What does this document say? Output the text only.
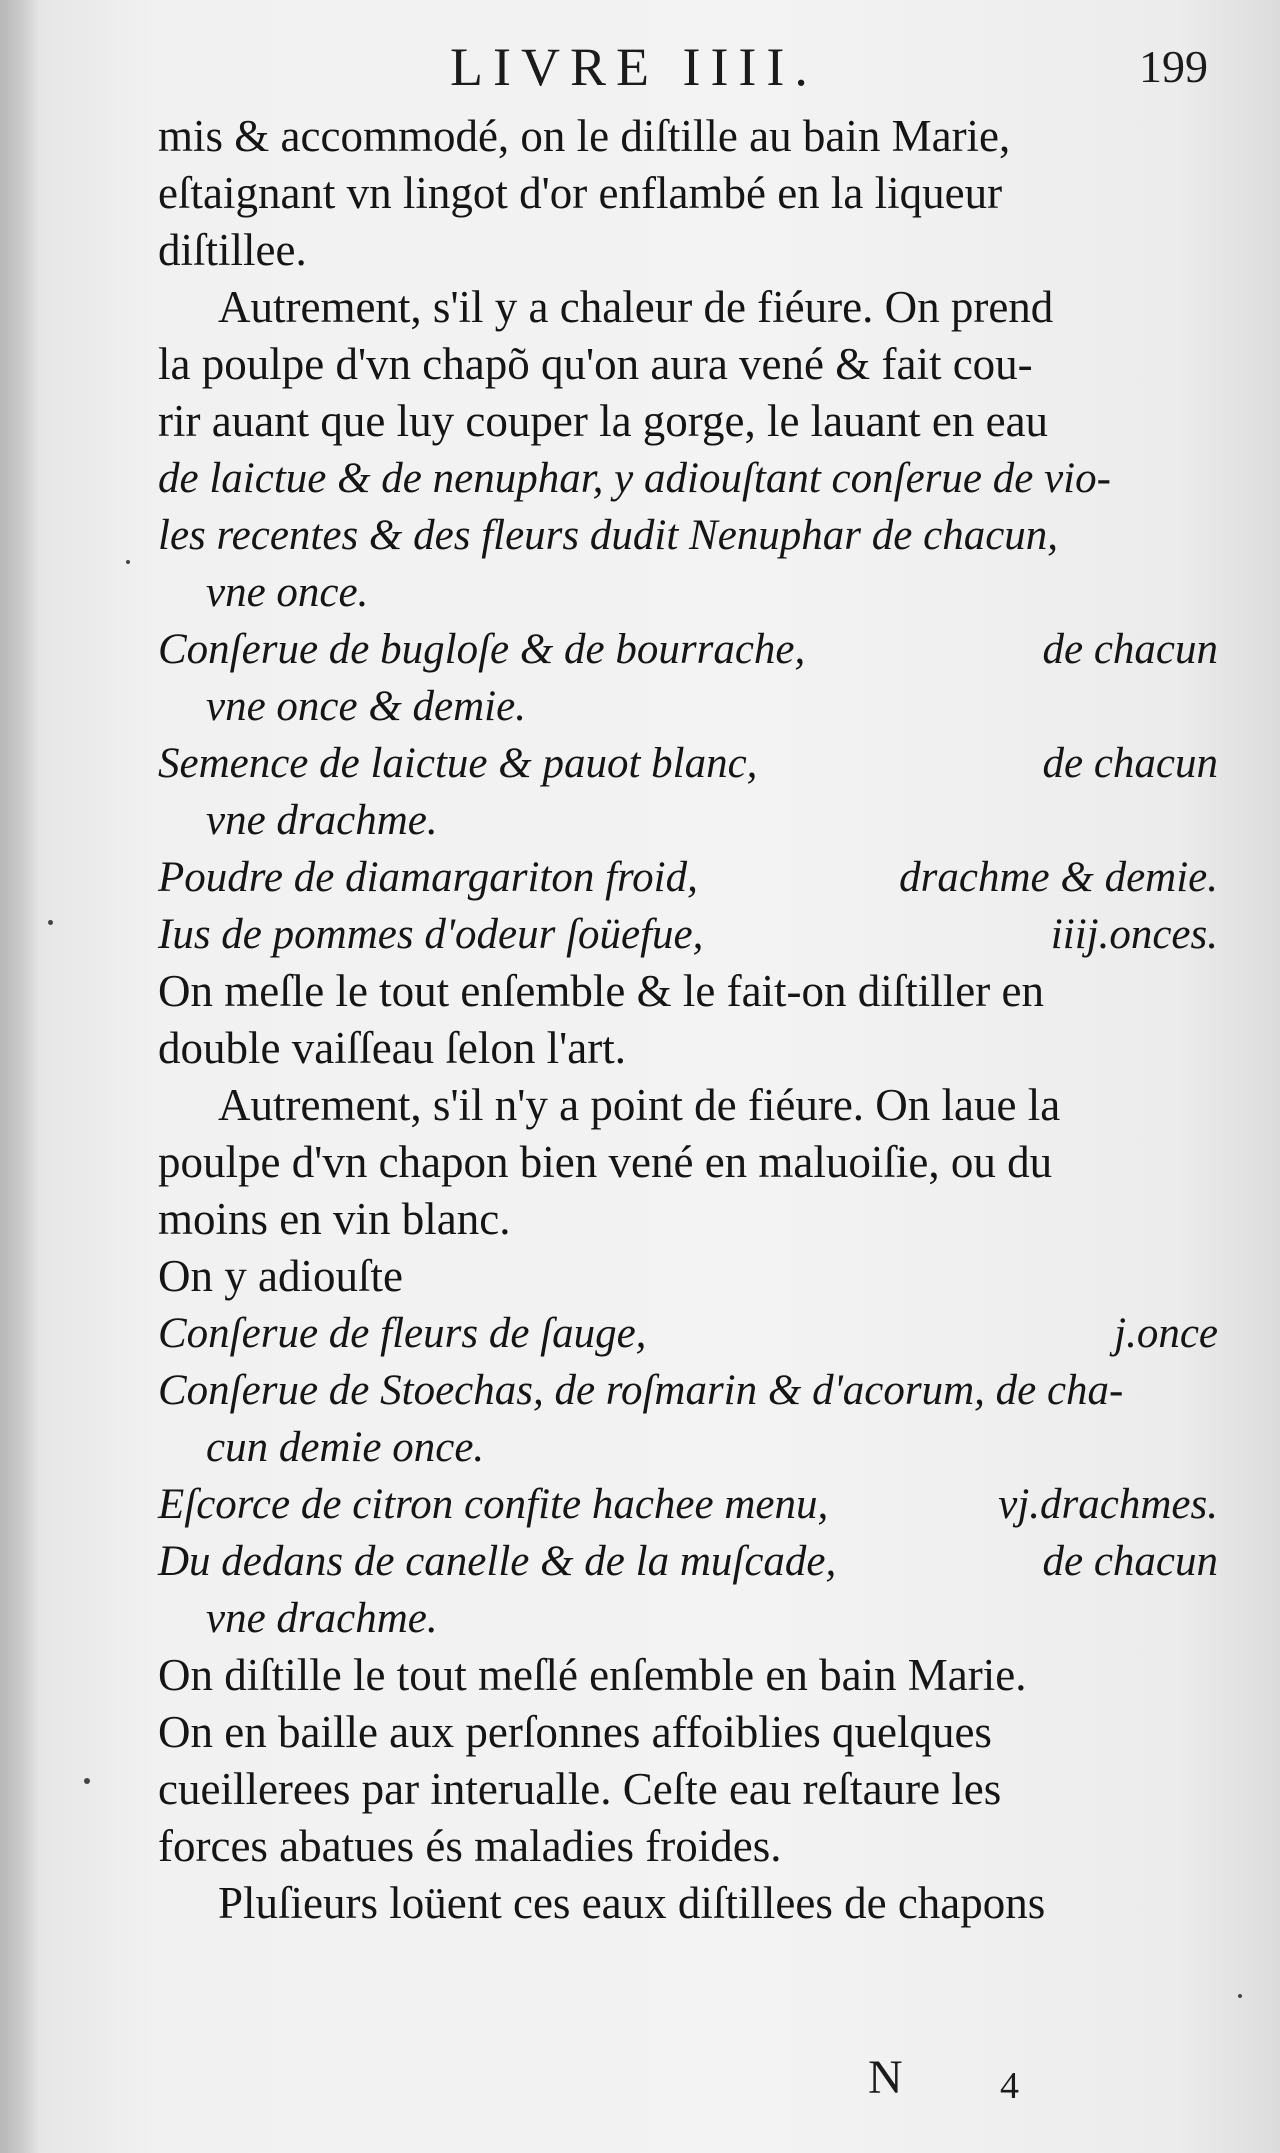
LIVRE IIII.	199
mis & accommodé, on le diſtille au bain Marie,
eſtaignant vn lingot d'or enflambé en la liqueur
diſtillee.
Autrement, s'il y a chaleur de fiéure. On prend
la poulpe d'vn chapõ qu'on aura vené & fait cou-
rir auant que luy couper la gorge, le lauant en eau
de laictue & de nenuphar, y adiouſtant conſerue de vio-
les recentes & des fleurs dudit Nenuphar de chacun,
vne once.
Conſerue de bugloſe & de bourrache,	de chacun
vne once & demie.
Semence de laictue & pauot blanc,	de chacun
vne drachme.
Poudre de diamargariton froid,	drachme & demie.
Ius de pommes d'odeur ſoüefue,	iiij.onces.
On meſle le tout enſemble & le fait-on diſtiller en
double vaiſſeau ſelon l'art.
Autrement, s'il n'y a point de fiéure. On laue la
poulpe d'vn chapon bien vené en maluoiſie, ou du
moins en vin blanc.
On y adiouſte
Conſerue de fleurs de ſauge,	j.once
Conſerue de Stoechas, de roſmarin & d'acorum, de cha-
cun demie once.
Eſcorce de citron confite hachee menu,	vj.drachmes.
Du dedans de canelle & de la muſcade,	de chacun
vne drachme.
On diſtille le tout meſlé enſemble en bain Marie.
On en baille aux perſonnes affoiblies quelques
cueillerees par interualle. Ceſte eau reſtaure les
forces abatues és maladies froides.
Pluſieurs loüent ces eaux diſtillees de chapons
N	4
